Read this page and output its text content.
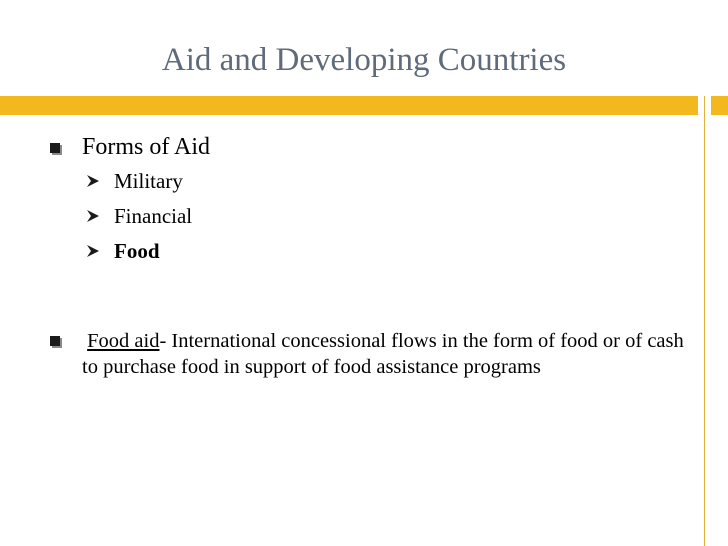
Aid and Developing Countries
Forms of Aid
Military
Financial
Food
Food aid- International concessional flows in the form of food or of cash to purchase food in support of food assistance programs
